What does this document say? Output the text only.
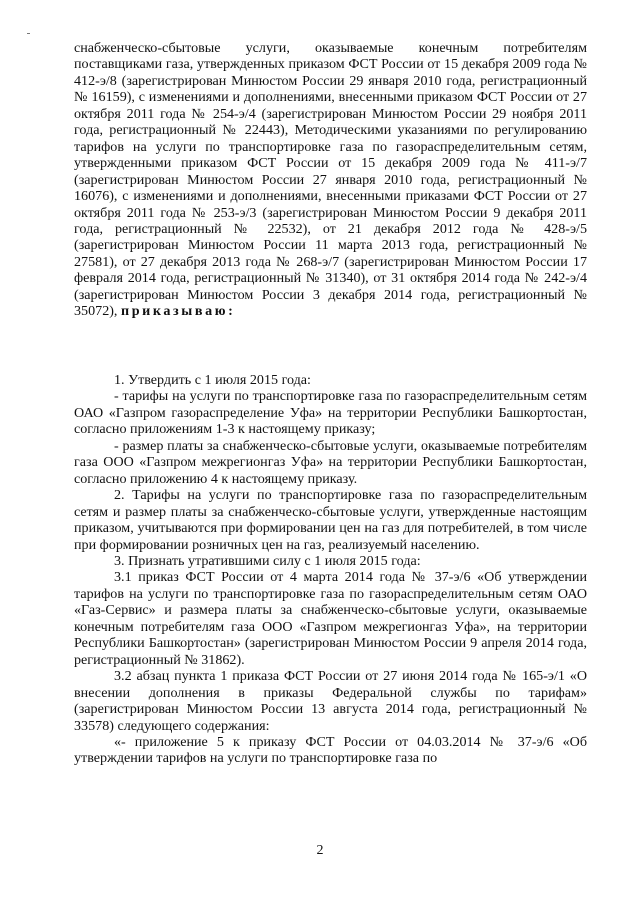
снабженческо-сбытовые услуги, оказываемые конечным потребителям поставщиками газа, утвержденных приказом ФСТ России от 15 декабря 2009 года № 412-э/8 (зарегистрирован Минюстом России 29 января 2010 года, регистрационный № 16159), с изменениями и дополнениями, внесенными приказом ФСТ России от 27 октября 2011 года № 254-э/4 (зарегистрирован Минюстом России 29 ноября 2011 года, регистрационный № 22443), Методическими указаниями по регулированию тарифов на услуги по транспортировке газа по газораспределительным сетям, утвержденными приказом ФСТ России от 15 декабря 2009 года № 411-э/7 (зарегистрирован Минюстом России 27 января 2010 года, регистрационный № 16076), с изменениями и дополнениями, внесенными приказами ФСТ России от 27 октября 2011 года № 253-э/3 (зарегистрирован Минюстом России 9 декабря 2011 года, регистрационный № 22532), от 21 декабря 2012 года № 428-э/5 (зарегистрирован Минюстом России 11 марта 2013 года, регистрационный № 27581), от 27 декабря 2013 года № 268-э/7 (зарегистрирован Минюстом России 17 февраля 2014 года, регистрационный № 31340), от 31 октября 2014 года № 242-э/4 (зарегистрирован Минюстом России 3 декабря 2014 года, регистрационный № 35072), приказываю:

1. Утвердить с 1 июля 2015 года:

- тарифы на услуги по транспортировке газа по газораспределительным сетям ОАО «Газпром газораспределение Уфа» на территории Республики Башкортостан, согласно приложениям 1-3 к настоящему приказу;

- размер платы за снабженческо-сбытовые услуги, оказываемые потребителям газа ООО «Газпром межрегионгаз Уфа» на территории Республики Башкортостан, согласно приложению 4 к настоящему приказу.

2. Тарифы на услуги по транспортировке газа по газораспределительным сетям и размер платы за снабженческо-сбытовые услуги, утвержденные настоящим приказом, учитываются при формировании цен на газ для потребителей, в том числе при формировании розничных цен на газ, реализуемый населению.

3. Признать утратившими силу с 1 июля 2015 года:

3.1 приказ ФСТ России от 4 марта 2014 года № 37-э/6 «Об утверждении тарифов на услуги по транспортировке газа по газораспределительным сетям ОАО «Газ-Сервис» и размера платы за снабженческо-сбытовые услуги, оказываемые конечным потребителям газа ООО «Газпром межрегионгаз Уфа», на территории Республики Башкортостан» (зарегистрирован Минюстом России 9 апреля 2014 года, регистрационный № 31862).

3.2 абзац пункта 1 приказа ФСТ России от 27 июня 2014 года № 165-э/1 «О внесении дополнения в приказы Федеральной службы по тарифам» (зарегистрирован Минюстом России 13 августа 2014 года, регистрационный № 33578) следующего содержания:

«- приложение 5 к приказу ФСТ России от 04.03.2014 № 37-э/6 «Об утверждении тарифов на услуги по транспортировке газа по

2
